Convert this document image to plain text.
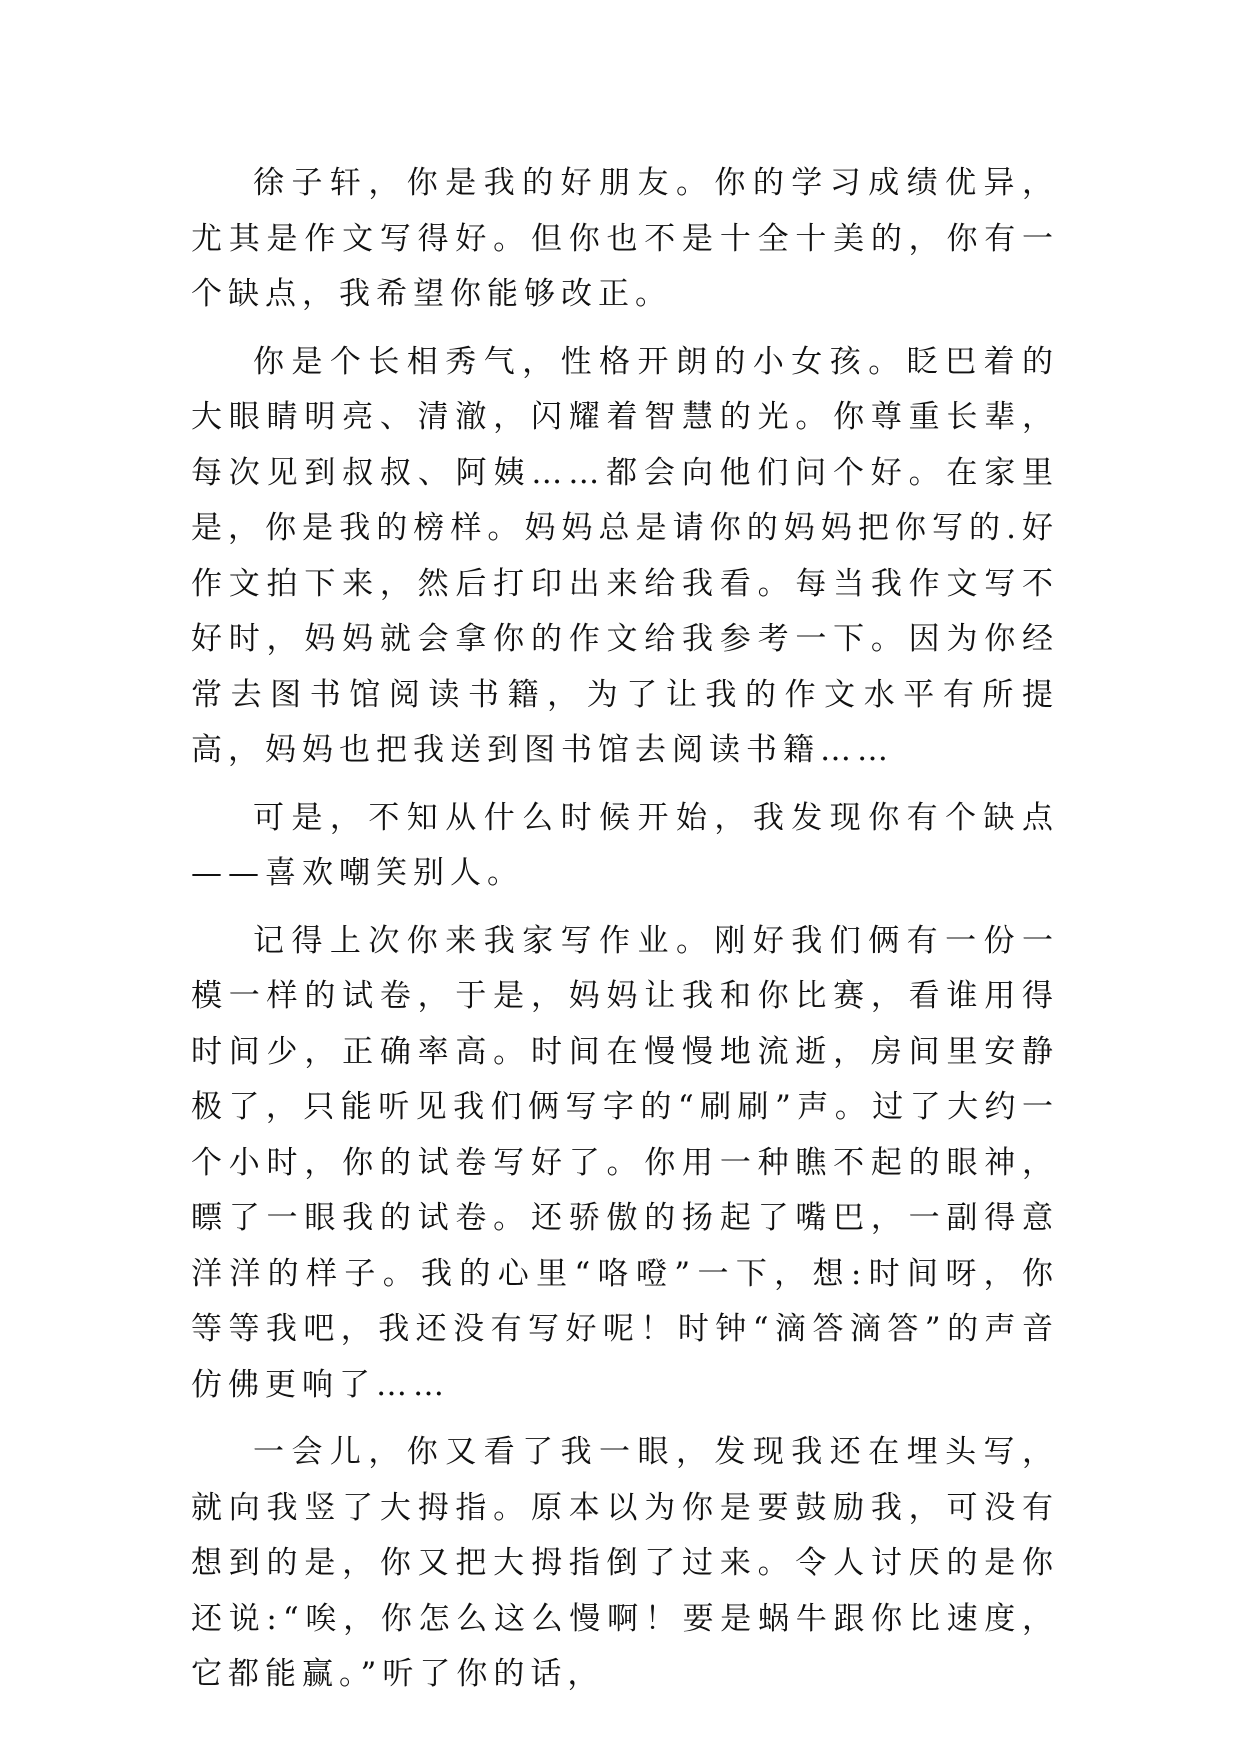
徐子轩，你是我的好朋友。你的学习成绩优异，尤其是作文写得好。但你也不是十全十美的，你有一个缺点，我希望你能够改正。

你是个长相秀气，性格开朗的小女孩。眨巴着的大眼睛明亮、清澈，闪耀着智慧的光。你尊重长辈，每次见到叔叔、阿姨……都会向他们问个好。在家里是，你是我的榜样。妈妈总是请你的妈妈把你写的.好作文拍下来，然后打印出来给我看。每当我作文写不好时，妈妈就会拿你的作文给我参考一下。因为你经常去图书馆阅读书籍，为了让我的作文水平有所提高，妈妈也把我送到图书馆去阅读书籍……

可是，不知从什么时候开始，我发现你有个缺点——喜欢嘲笑别人。

记得上次你来我家写作业。刚好我们俩有一份一模一样的试卷，于是，妈妈让我和你比赛，看谁用得时间少，正确率高。时间在慢慢地流逝，房间里安静极了，只能听见我们俩写字的“刷刷”声。过了大约一个小时，你的试卷写好了。你用一种瞧不起的眼神，瞟了一眼我的试卷。还骄傲的扬起了嘴巴，一副得意洋洋的样子。我的心里“咯噔”一下，想:时间呀，你等等我吧，我还没有写好呢！时钟“滴答滴答”的声音仿佛更响了……

一会儿，你又看了我一眼，发现我还在埋头写，就向我竖了大拇指。原本以为你是要鼓励我，可没有想到的是，你又把大拇指倒了过来。令人讨厌的是你还说:“唉，你怎么这么慢啊！要是蜗牛跟你比速度，它都能赢。”听了你的话，
